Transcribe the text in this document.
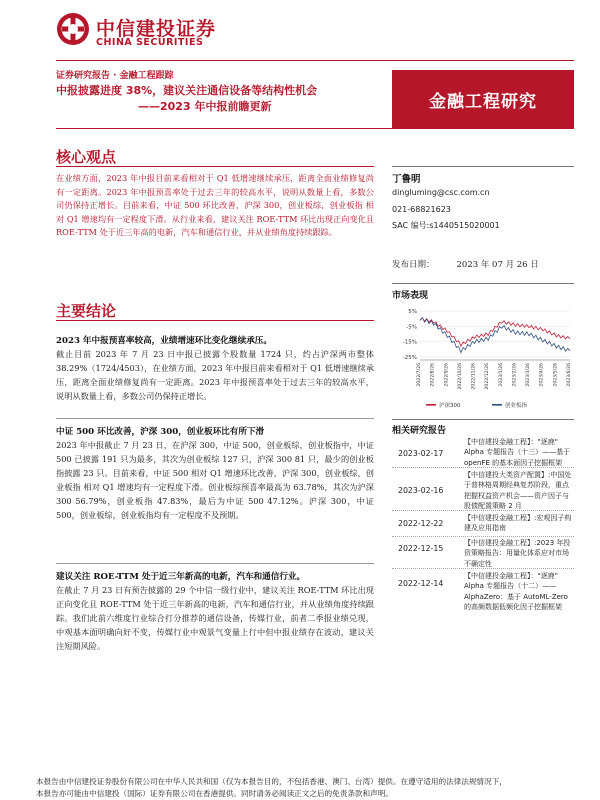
中信建投证券
CHINA SECURITIES
证券研究报告 · 金融工程跟踪
中报披露进度 38%，建议关注通信设备等结构性机会
——2023 年中报前瞻更新	金融工程研究
核心观点
在业绩方面，2023 年中报目前来看相对于 Q1 低增速继续承压，距离全面业绩修复尚有一定距离。2023 年中报预喜率处于过去三年的较高水平，说明从数量上看，多数公司仍保持正增长。目前来看，中证 500 环比改善，沪深 300，创业板综，创业板指 相对 Q1 增速均有一定程度下滑。从行业来看，建议关注 ROE-TTM 环比出现正向变化且 ROE-TTM 处于近三年高的电新，汽车和通信行业，并从业绩角度持续跟踪。
主要结论
2023 年中报预喜率较高，业绩增速环比变化继续承压。
截止目前 2023 年 7 月 23 日中报已披露个股数量 1724 只，约占沪深两市整体 38.29%（1724/4503），在业绩方面，2023 年中报目前来看相对于 Q1 低增速继续承压，距离全面业绩修复尚有一定距离。2023 年中报预喜率处于过去三年的较高水平，说明从数量上看，多数公司仍保持正增长。
中证 500 环比改善，沪深 300，创业板环比有所下滑
2023 年中报截止 7 月 23 日，在沪深 300，中证 500，创业板综，创业板指中，中证 500 已披露 191 只为最多，其次为创业板综 127 只，沪深 300 81 只，最少的创业板指披露 23 只。目前来看，中证 500 相对 Q1 增速环比改善，沪深 300，创业板综，创业板指 相对 Q1 增速均有一定程度下滑。创业板综预喜率最高为 63.78%，其次为沪深 300 56.79%，创业板指 47.83%，最后为中证 500 47.12%。沪深 300，中证 500，创业板综，创业板指均有一定程度不及预期。
建议关注 ROE-TTM 处于近三年新高的电新，汽车和通信行业。
在截止 7 月 23 日有预告披露的 29 个中信一级行业中，建议关注 ROE-TTM 环比出现正向变化且 ROE-TTM 处于近三年新高的电新，汽车和通信行业，并从业绩角度持续跟踪。我们此前六维度行业综合打分推荐的通信设备，传媒行业，前者二季报业绩兑现，中观基本面明确向好不变，传媒行业中观景气变量上行中但中报业绩存在波动，建议关注短期风险。
丁鲁明
dingluming@csc.com.cn
021-68821623
SAC 编号:s1440515020001
发布日期：	2023 年 07 月 26 日
市场表现
5%
-5%
-15%
-25%
2022/7/26 2022/8/26 2022/9/26 2022/10/26 2022/11/26 2022/12/26 2023/1/26 2023/2/26 2023/3/26 2023/4/26 2023/5/26 2023/6/26
沪深300	创业板指
相关研究报告
2023-02-17
【中信建投金融工程】："逐鹿" Alpha 专题报告（十三）——基于 openFE 的基本面因子挖掘框架
2023-02-16
【中信建投大类资产配置】:中国处于普林格周期经典复苏阶段，重点把握权益资产机会——资产因子与股债配置策略 2 月
2022-12-22
【中信建投金融工程】:宏观因子构建及应用指南
2022-12-15
【中信建投金融工程】:2023 年投资策略报告：用量化体系应对市场不确定性
2022-12-14
【中信建投金融工程】："逐鹿" Alpha 专题报告（十二）——AlphaZero：基于 AutoML-Zero 的高频数据低频化因子挖掘框架
本报告由中信建投证券股份有限公司在中华人民共和国（仅为本报告目的，不包括香港、澳门、台湾）提供。在遵守适用的法律法规情况下，
本报告亦可能由中信建投（国际）证券有限公司在香港提供。同时请务必阅读正文之后的免责条款和声明。
